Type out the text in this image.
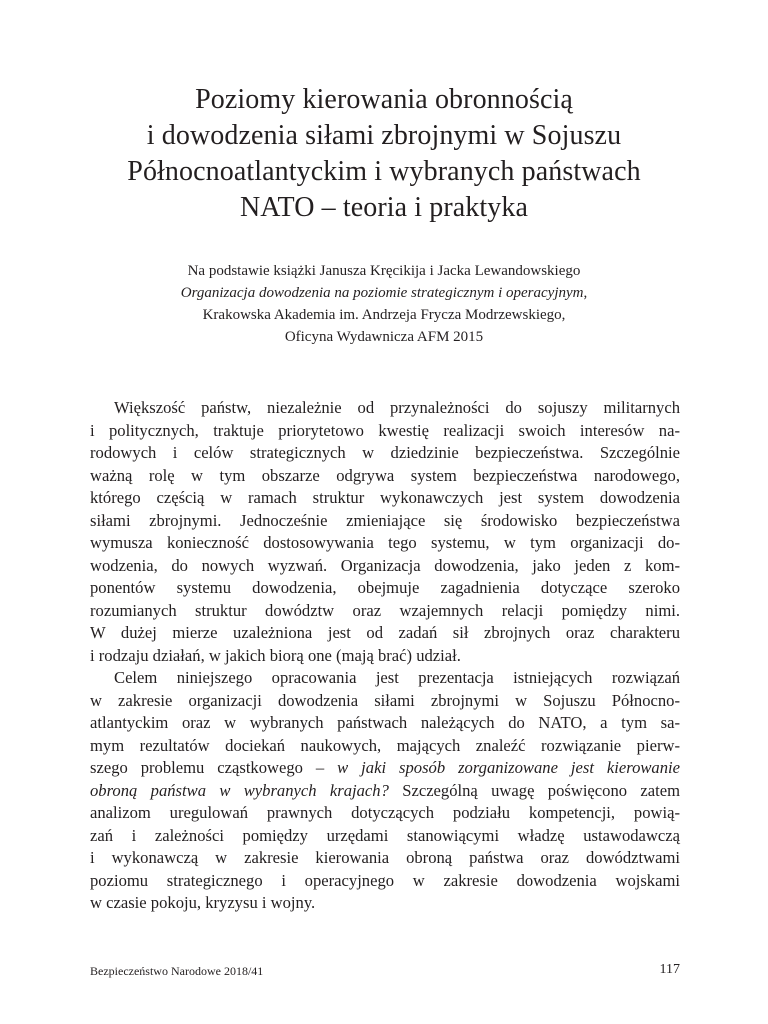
Poziomy kierowania obronnością
i dowodzenia siłami zbrojnymi w Sojuszu
Północnoatlantyckim i wybranych państwach
NATO – teoria i praktyka
Na podstawie książki Janusza Kręcikija i Jacka Lewandowskiego
Organizacja dowodzenia na poziomie strategicznym i operacyjnym,
Krakowska Akademia im. Andrzeja Frycza Modrzewskiego,
Oficyna Wydawnicza AFM 2015
Większość państw, niezależnie od przynależności do sojuszy militarnych
i politycznych, traktuje priorytetowo kwestię realizacji swoich interesów na-
rodowych i celów strategicznych w dziedzinie bezpieczeństwa. Szczególnie
ważną rolę w tym obszarze odgrywa system bezpieczeństwa narodowego,
którego częścią w ramach struktur wykonawczych jest system dowodzenia
siłami zbrojnymi. Jednocześnie zmieniające się środowisko bezpieczeństwa
wymusza konieczność dostosowywania tego systemu, w tym organizacji do-
wodzenia, do nowych wyzwań. Organizacja dowodzenia, jako jeden z kom-
ponentów systemu dowodzenia, obejmuje zagadnienia dotyczące szeroko
rozumianych struktur dowództw oraz wzajemnych relacji pomiędzy nimi.
W dużej mierze uzależniona jest od zadań sił zbrojnych oraz charakteru
i rodzaju działań, w jakich biorą one (mają brać) udział.
Celem niniejszego opracowania jest prezentacja istniejących rozwiązań
w zakresie organizacji dowodzenia siłami zbrojnymi w Sojuszu Północno-
atlantyckim oraz w wybranych państwach należących do NATO, a tym sa-
mym rezultatów dociekań naukowych, mających znaleźć rozwiązanie pierw-
szego problemu cząstkowego – w jaki sposób zorganizowane jest kierowanie
obroną państwa w wybranych krajach? Szczególną uwagę poświęcono zatem
analizom uregulowań prawnych dotyczących podziału kompetencji, powią-
zań i zależności pomiędzy urzędami stanowiącymi władzę ustawodawczą
i wykonawczą w zakresie kierowania obroną państwa oraz dowództwami
poziomu strategicznego i operacyjnego w zakresie dowodzenia wojskami
w czasie pokoju, kryzysu i wojny.
Bezpieczeństwo Narodowe 2018/41	117
